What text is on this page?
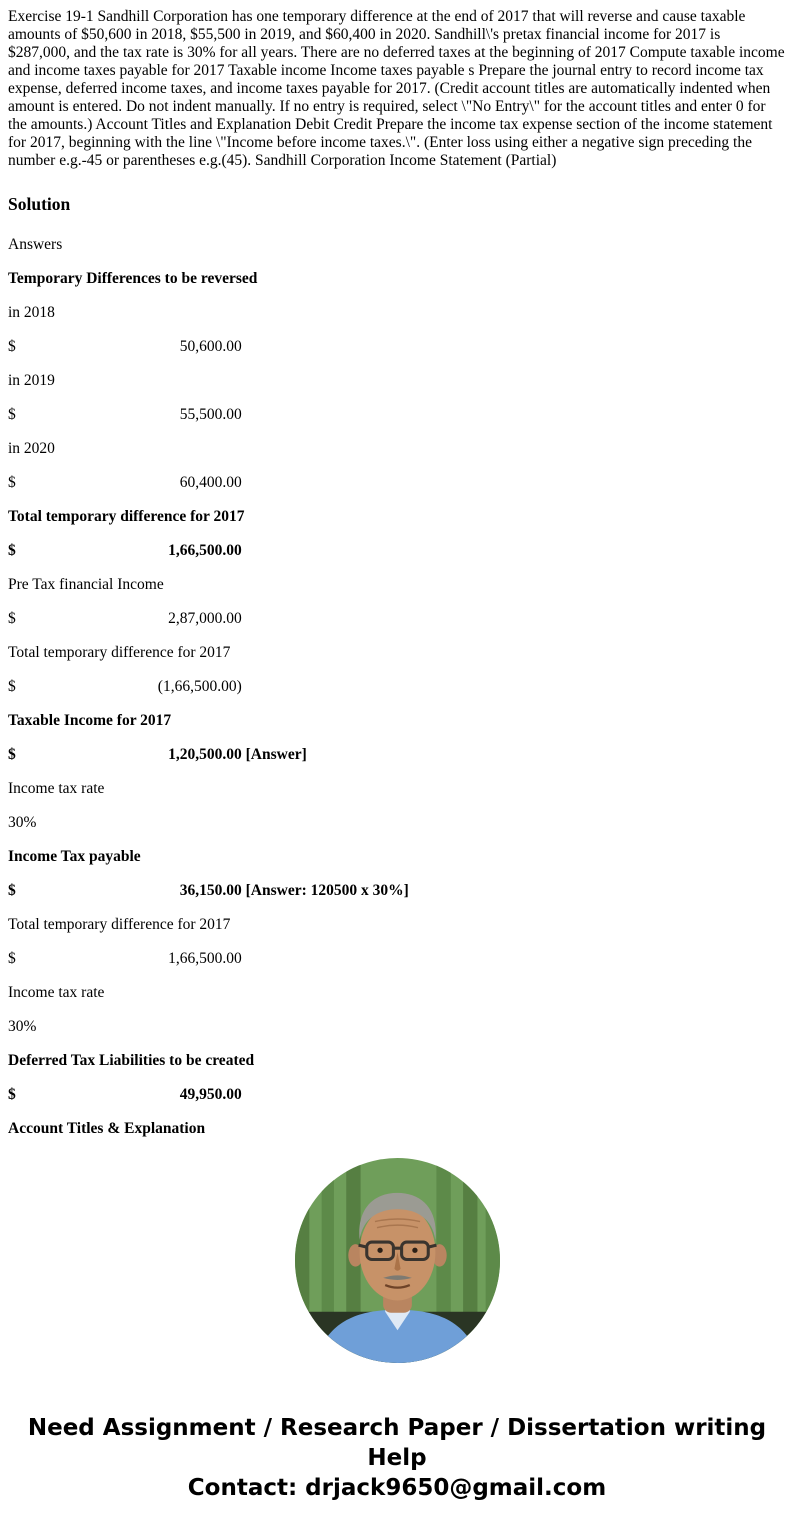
Exercise 19-1 Sandhill Corporation has one temporary difference at the end of 2017 that will reverse and cause taxable amounts of $50,600 in 2018, $55,500 in 2019, and $60,400 in 2020. Sandhill\'s pretax financial income for 2017 is $287,000, and the tax rate is 30% for all years. There are no deferred taxes at the beginning of 2017 Compute taxable income and income taxes payable for 2017 Taxable income Income taxes payable s Prepare the journal entry to record income tax expense, deferred income taxes, and income taxes payable for 2017. (Credit account titles are automatically indented when amount is entered. Do not indent manually. If no entry is required, select \"No Entry\" for the account titles and enter 0 for the amounts.) Account Titles and Explanation Debit Credit Prepare the income tax expense section of the income statement for 2017, beginning with the line \"Income before income taxes.\". (Enter loss using either a negative sign preceding the number e.g.-45 or parentheses e.g.(45). Sandhill Corporation Income Statement (Partial)

Solution

Answers

Temporary Differences to be reversed

in 2018

$	50,600.00

in 2019

$	55,500.00

in 2020

$	60,400.00

Total temporary difference for 2017

$	1,66,500.00

Pre Tax financial Income

$	2,87,000.00

Total temporary difference for 2017

$	(1,66,500.00)

Taxable Income for 2017

$	1,20,500.00 [Answer]

Income tax rate

30%

Income Tax payable

$	36,150.00 [Answer: 120500 x 30%]

Total temporary difference for 2017

$	1,66,500.00

Income tax rate

30%

Deferred Tax Liabilities to be created

$	49,950.00

Account Titles & Explanation

Need Assignment / Research Paper / Dissertation writing Help
Contact: drjack9650@gmail.com
